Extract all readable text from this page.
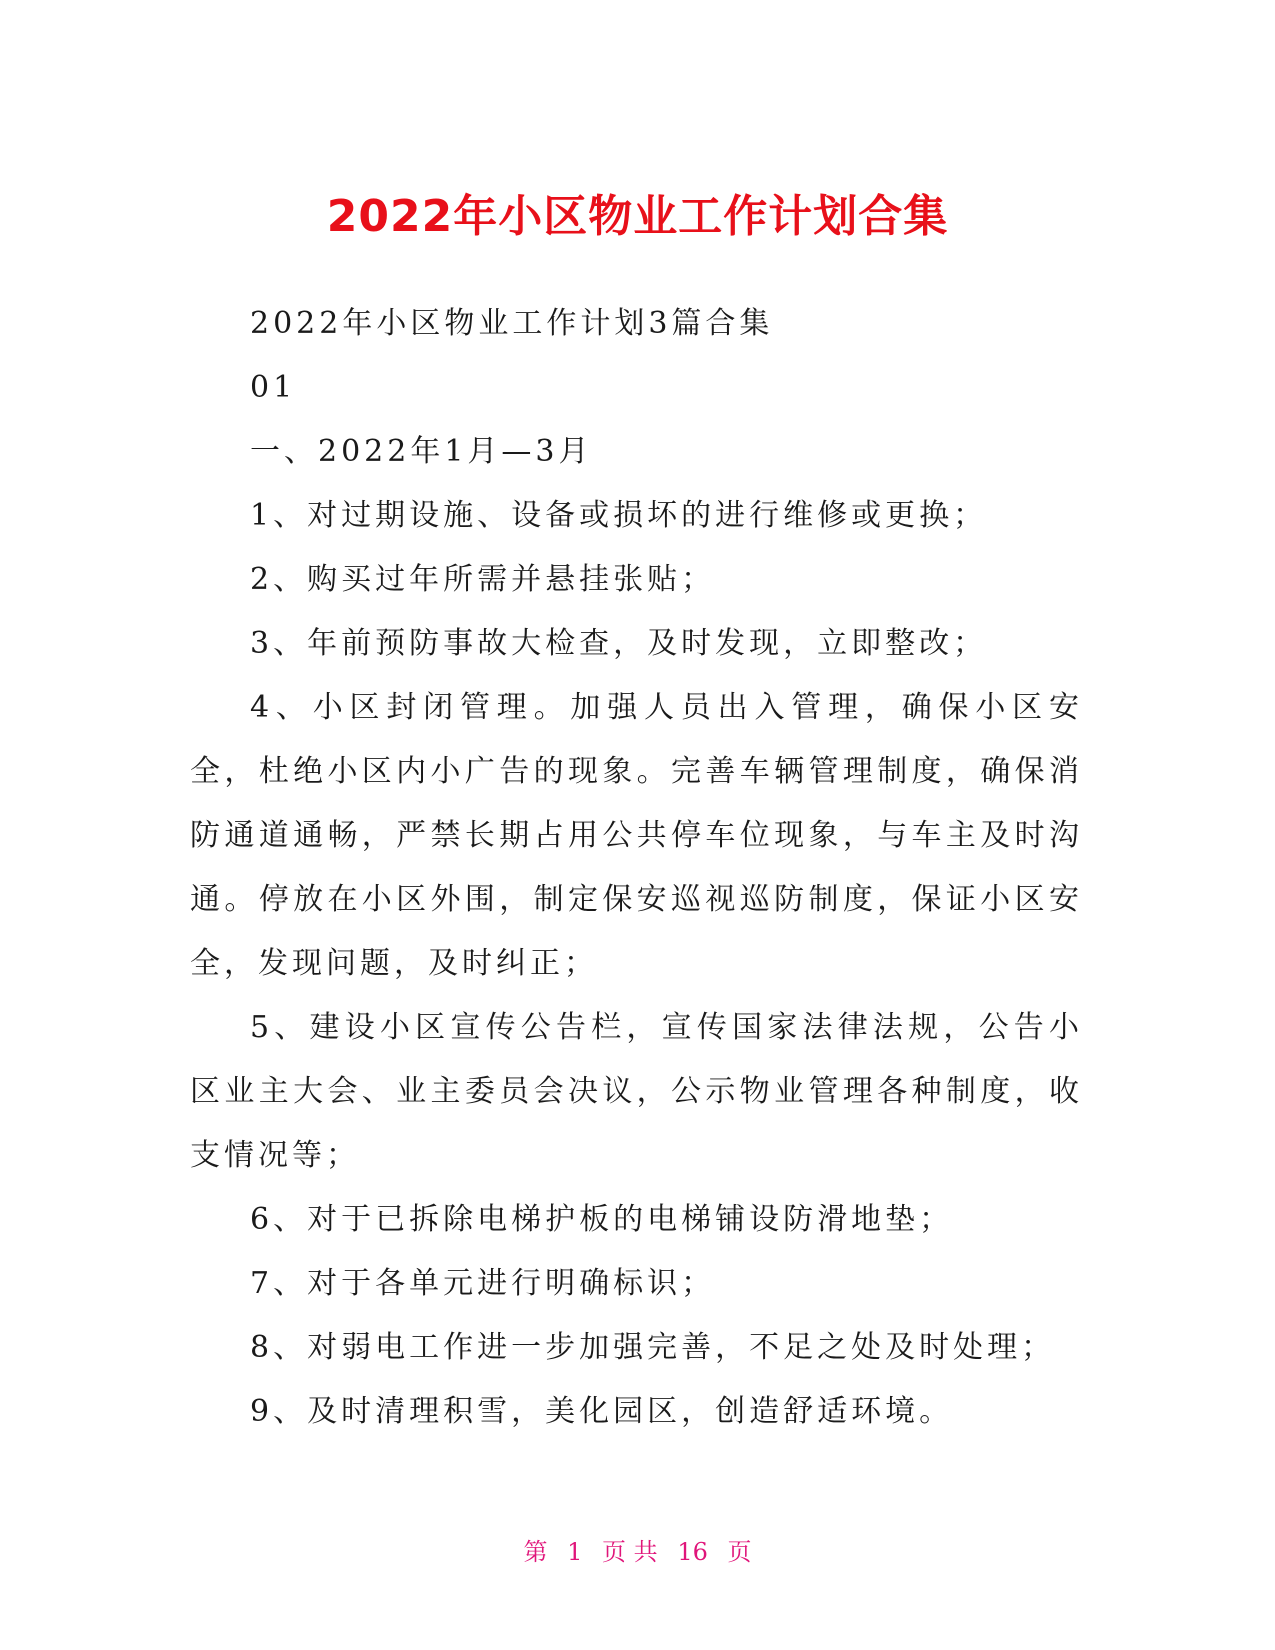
2022年小区物业工作计划合集

2022年小区物业工作计划3篇合集

01

一、2022年1月—3月

1、对过期设施、设备或损坏的进行维修或更换；

2、购买过年所需并悬挂张贴；

3、年前预防事故大检查，及时发现，立即整改；

4、小区封闭管理。加强人员出入管理，确保小区安全，杜绝小区内小广告的现象。完善车辆管理制度，确保消防通道通畅，严禁长期占用公共停车位现象，与车主及时沟通。停放在小区外围，制定保安巡视巡防制度，保证小区安全，发现问题，及时纠正；

5、建设小区宣传公告栏，宣传国家法律法规，公告小区业主大会、业主委员会决议，公示物业管理各种制度，收支情况等；

6、对于已拆除电梯护板的电梯铺设防滑地垫；

7、对于各单元进行明确标识；

8、对弱电工作进一步加强完善，不足之处及时处理；

9、及时清理积雪，美化园区，创造舒适环境。

第 1 页 共 16 页
